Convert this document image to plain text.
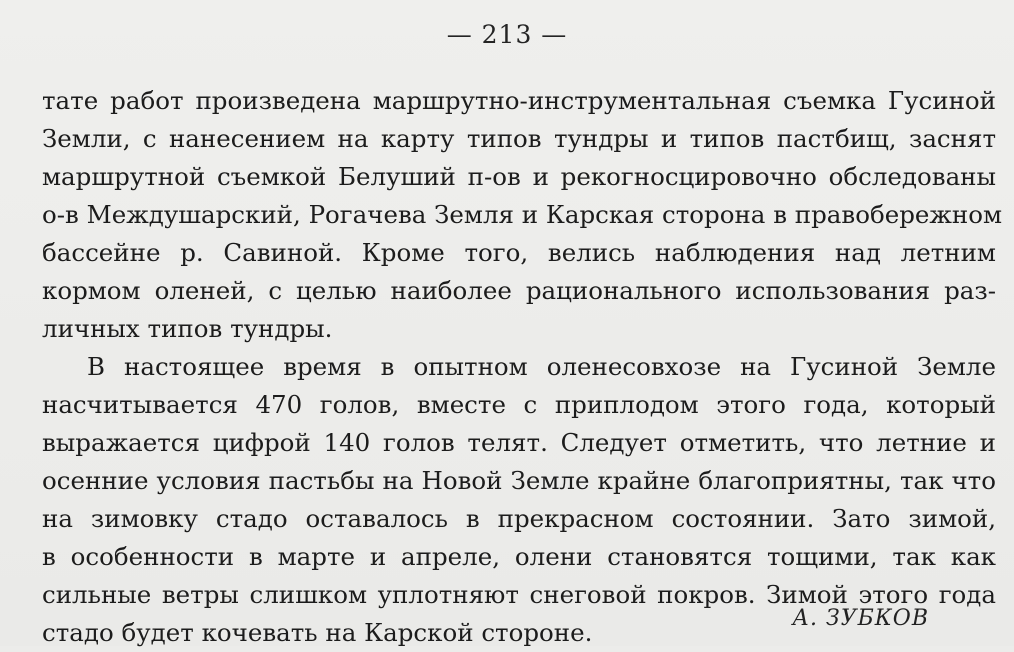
— 213 —
тате работ произведена маршрутно-инструментальная съемка Гусиной
Земли, с нанесением на карту типов тундры и типов пастбищ, заснят
маршрутной съемкой Белуший п-ов и рекогносцировочно обследованы
о-в Междушарский, Рогачева Земля и Карская сторона в правобережном
бассейне р. Савиной. Кроме того, велись наблюдения над летним
кормом оленей, с целью наиболее рационального использования раз-
личных типов тундры.
В настоящее время в опытном оленесовхозе на Гусиной Земле
насчитывается 470 голов, вместе с приплодом этого года, который
выражается цифрой 140 голов телят. Следует отметить, что летние и
осенние условия пастьбы на Новой Земле крайне благоприятны, так что
на зимовку стадо оставалось в прекрасном состоянии. Зато зимой,
в особенности в марте и апреле, олени становятся тощими, так как
сильные ветры слишком уплотняют снеговой покров. Зимой этого года
стадо будет кочевать на Карской стороне.	А. ЗУБКОВ
